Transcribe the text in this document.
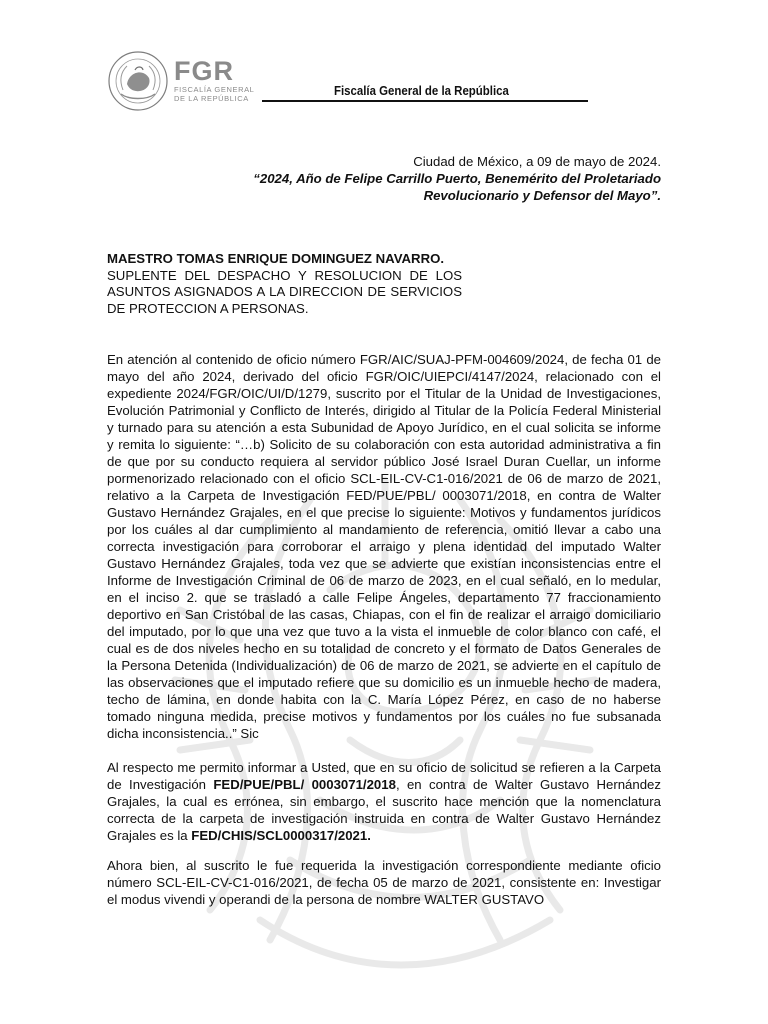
FGR
FISCALÍA GENERAL
DE LA REPÚBLICA
Fiscalía General de la República
Ciudad de México, a 09 de mayo de 2024.
“2024, Año de Felipe Carrillo Puerto, Benemérito del Proletariado Revolucionario y Defensor del Mayo”.
MAESTRO TOMAS ENRIQUE DOMINGUEZ NAVARRO.
SUPLENTE DEL DESPACHO Y RESOLUCION DE LOS ASUNTOS ASIGNADOS A LA DIRECCION DE SERVICIOS DE PROTECCION A PERSONAS.
En atención al contenido de oficio número FGR/AIC/SUAJ-PFM-004609/2024, de fecha 01 de mayo del año 2024, derivado del oficio FGR/OIC/UIEPCI/4147/2024, relacionado con el expediente 2024/FGR/OIC/UI/D/1279, suscrito por el Titular de la Unidad de Investigaciones, Evolución Patrimonial y Conflicto de Interés, dirigido al Titular de la Policía Federal Ministerial y turnado para su atención a esta Subunidad de Apoyo Jurídico, en el cual solicita se informe y remita lo siguiente: “…b) Solicito de su colaboración con esta autoridad administrativa a fin de que por su conducto requiera al servidor público José Israel Duran Cuellar, un informe pormenorizado relacionado con el oficio SCL-EIL-CV-C1-016/2021 de 06 de marzo de 2021, relativo a la Carpeta de Investigación FED/PUE/PBL/ 0003071/2018, en contra de Walter Gustavo Hernández Grajales, en el que precise lo siguiente: Motivos y fundamentos jurídicos por los cuáles al dar cumplimiento al mandamiento de referencia, omitió llevar a cabo una correcta investigación para corroborar el arraigo y plena identidad del imputado Walter Gustavo Hernández Grajales, toda vez que se advierte que existían inconsistencias entre el Informe de Investigación Criminal de 06 de marzo de 2023, en el cual señaló, en lo medular, en el inciso 2. que se trasladó a calle Felipe Ángeles, departamento 77 fraccionamiento deportivo en San Cristóbal de las casas, Chiapas, con el fin de realizar el arraigo domiciliario del imputado, por lo que una vez que tuvo a la vista el inmueble de color blanco con café, el cual es de dos niveles hecho en su totalidad de concreto y el formato de Datos Generales de la Persona Detenida (Individualización) de 06 de marzo de 2021, se advierte en el capítulo de las observaciones que el imputado refiere que su domicilio es un inmueble hecho de madera, techo de lámina, en donde habita con la C. María López Pérez, en caso de no haberse tomado ninguna medida, precise motivos y fundamentos por los cuáles no fue subsanada dicha inconsistencia..” Sic
Al respecto me permito informar a Usted, que en su oficio de solicitud se refieren a la Carpeta de Investigación FED/PUE/PBL/ 0003071/2018, en contra de Walter Gustavo Hernández Grajales, la cual es errónea, sin embargo, el suscrito hace mención que la nomenclatura correcta de la carpeta de investigación instruida en contra de Walter Gustavo Hernández Grajales es la FED/CHIS/SCL0000317/2021.
Ahora bien, al suscrito le fue requerida la investigación correspondiente mediante oficio número SCL-EIL-CV-C1-016/2021, de fecha 05 de marzo de 2021, consistente en: Investigar el modus vivendi y operandi de la persona de nombre WALTER GUSTAVO
